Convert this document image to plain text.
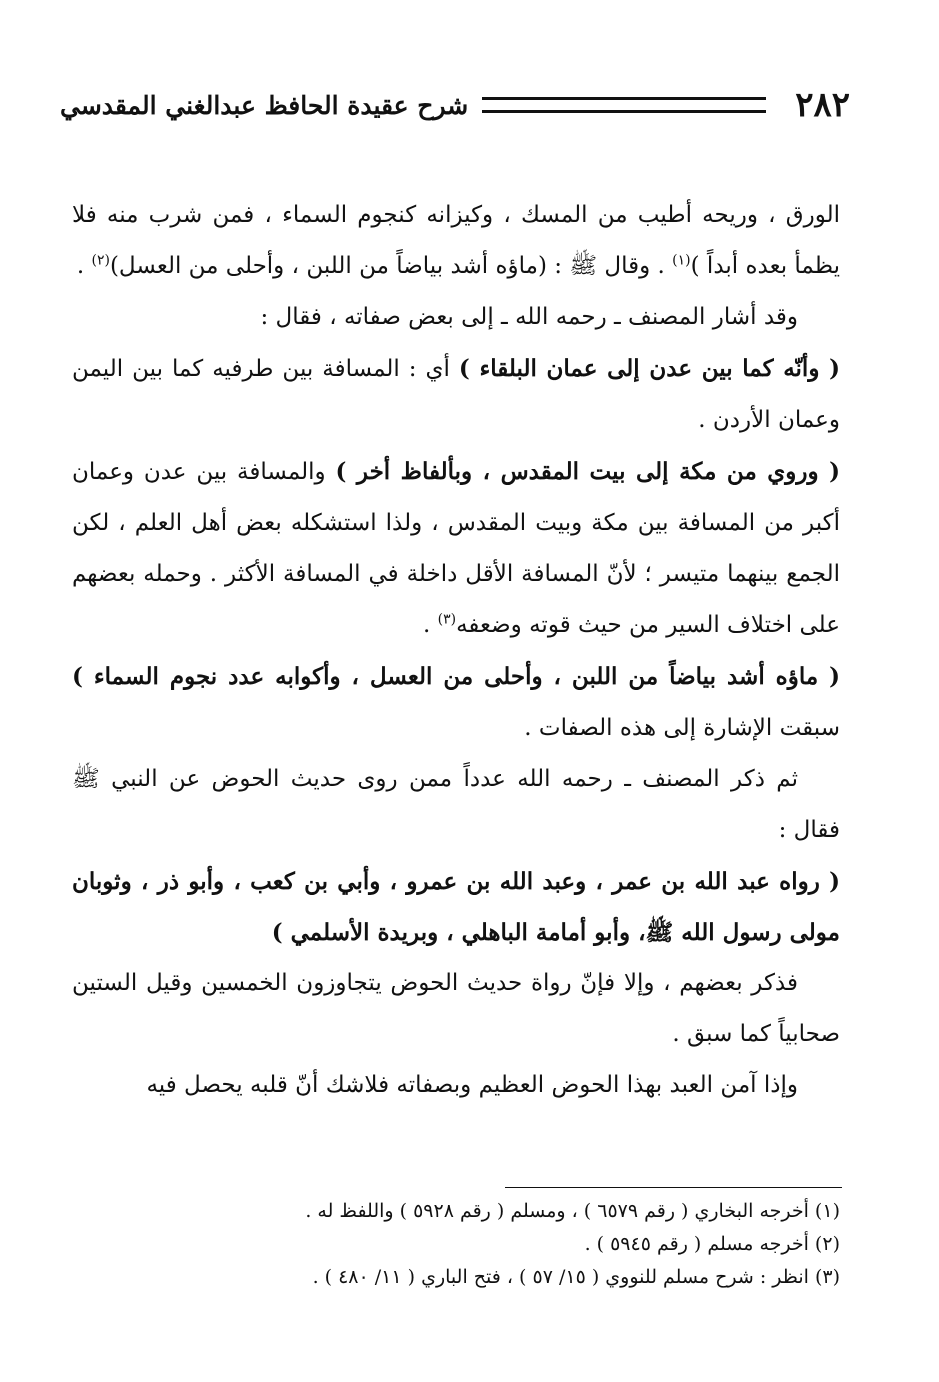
٢٨٢
شرح عقيدة الحافظ عبدالغني المقدسي

الورق ، وريحه أطيب من المسك ، وكيزانه كنجوم السماء ، فمن شرب منه فلا يظمأ بعده أبداً )$^{(١)}$ . وقال ﷺ : (ماؤه أشد بياضاً من اللبن ، وأحلى من العسل)$^{(٢)}$ .

وقد أشار المصنف ـ رحمه الله ـ إلى بعض صفاته ، فقال :

( وأنّه كما بين عدن إلى عمان البلقاء ) أي : المسافة بين طرفيه كما بين اليمن وعمان الأردن .

( وروي من مكة إلى بيت المقدس ، وبألفاظ أخر ) والمسافة بين عدن وعمان أكبر من المسافة بين مكة وبيت المقدس ، ولذا استشكله بعض أهل العلم ، لكن الجمع بينهما متيسر ؛ لأنّ المسافة الأقل داخلة في المسافة الأكثر . وحمله بعضهم على اختلاف السير من حيث قوته وضعفه$^{(٣)}$ .

( ماؤه أشد بياضاً من اللبن ، وأحلى من العسل ، وأكوابه عدد نجوم السماء ) سبقت الإشارة إلى هذه الصفات .

ثم ذكر المصنف ـ رحمه الله عدداً ممن روى حديث الحوض عن النبي ﷺ فقال :

( رواه عبد الله بن عمر ، وعبد الله بن عمرو ، وأبي بن كعب ، وأبو ذر ، وثوبان مولى رسول الله ﷺ، وأبو أمامة الباهلي ، وبريدة الأسلمي )

فذكر بعضهم ، وإلا فإنّ رواة حديث الحوض يتجاوزون الخمسين وقيل الستين صحابياً كما سبق .

وإذا آمن العبد بهذا الحوض العظيم وبصفاته فلاشك أنّ قلبه يحصل فيه

(١) أخرجه البخاري ( رقم ٦٥٧٩ ) ، ومسلم ( رقم ٥٩٢٨ ) واللفظ له .

(٢) أخرجه مسلم ( رقم ٥٩٤٥ ) .

(٣) انظر : شرح مسلم للنووي ( ١٥/ ٥٧ ) ، فتح الباري ( ١١/ ٤٨٠ ) .
